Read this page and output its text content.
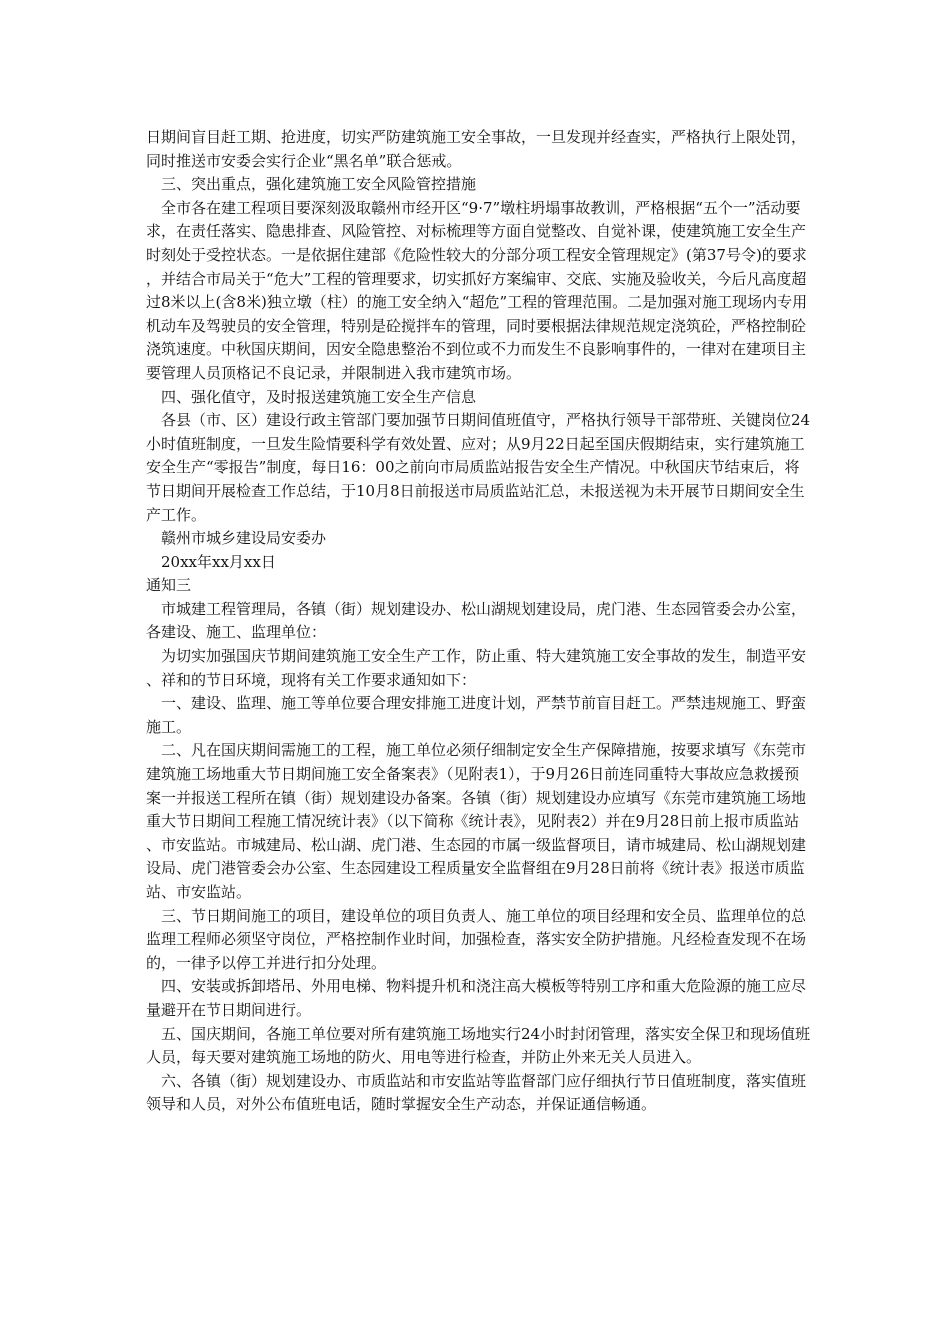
日期间盲目赶工期、抢进度，切实严防建筑施工安全事故，一旦发现并经查实，严格执行上限处罚，同时推送市安委会实行企业“黑名单”联合惩戒。

三、突出重点，强化建筑施工安全风险管控措施

全市各在建工程项目要深刻汲取赣州市经开区“9·7”墩柱坍塌事故教训，严格根据“五个一”活动要求，在责任落实、隐患排查、风险管控、对标梳理等方面自觉整改、自觉补课，使建筑施工安全生产时刻处于受控状态。一是依据住建部《危险性较大的分部分项工程安全管理规定》(第37号令)的要求，并结合市局关于“危大”工程的管理要求，切实抓好方案编审、交底、实施及验收关，今后凡高度超过8米以上(含8米)独立墩（柱）的施工安全纳入“超危”工程的管理范围。二是加强对施工现场内专用机动车及驾驶员的安全管理，特别是砼搅拌车的管理，同时要根据法律规范规定浇筑砼，严格控制砼浇筑速度。中秋国庆期间，因安全隐患整治不到位或不力而发生不良影响事件的，一律对在建项目主要管理人员顶格记不良记录，并限制进入我市建筑市场。

四、强化值守，及时报送建筑施工安全生产信息

各县（市、区）建设行政主管部门要加强节日期间值班值守，严格执行领导干部带班、关键岗位24小时值班制度，一旦发生险情要科学有效处置、应对；从9月22日起至国庆假期结束，实行建筑施工安全生产“零报告”制度，每日16：00之前向市局质监站报告安全生产情况。中秋国庆节结束后，将节日期间开展检查工作总结，于10月8日前报送市局质监站汇总，未报送视为未开展节日期间安全生产工作。

赣州市城乡建设局安委办

20xx年xx月xx日

通知三

市城建工程管理局，各镇（街）规划建设办、松山湖规划建设局，虎门港、生态园管委会办公室，各建设、施工、监理单位：

为切实加强国庆节期间建筑施工安全生产工作，防止重、特大建筑施工安全事故的发生，制造平安、祥和的节日环境，现将有关工作要求通知如下：

一、建设、监理、施工等单位要合理安排施工进度计划，严禁节前盲目赶工。严禁违规施工、野蛮施工。

二、凡在国庆期间需施工的工程，施工单位必须仔细制定安全生产保障措施，按要求填写《东莞市建筑施工场地重大节日期间施工安全备案表》（见附表1），于9月26日前连同重特大事故应急救援预案一并报送工程所在镇（街）规划建设办备案。各镇（街）规划建设办应填写《东莞市建筑施工场地重大节日期间工程施工情况统计表》（以下简称《统计表》，见附表2）并在9月28日前上报市质监站、市安监站。市城建局、松山湖、虎门港、生态园的市属一级监督项目，请市城建局、松山湖规划建设局、虎门港管委会办公室、生态园建设工程质量安全监督组在9月28日前将《统计表》报送市质监站、市安监站。

三、节日期间施工的项目，建设单位的项目负责人、施工单位的项目经理和安全员、监理单位的总监理工程师必须坚守岗位，严格控制作业时间，加强检查，落实安全防护措施。凡经检查发现不在场的，一律予以停工并进行扣分处理。

四、安装或拆卸塔吊、外用电梯、物料提升机和浇注高大模板等特别工序和重大危险源的施工应尽量避开在节日期间进行。

五、国庆期间，各施工单位要对所有建筑施工场地实行24小时封闭管理，落实安全保卫和现场值班人员，每天要对建筑施工场地的防火、用电等进行检查，并防止外来无关人员进入。

六、各镇（街）规划建设办、市质监站和市安监站等监督部门应仔细执行节日值班制度，落实值班领导和人员，对外公布值班电话，随时掌握安全生产动态，并保证通信畅通。
